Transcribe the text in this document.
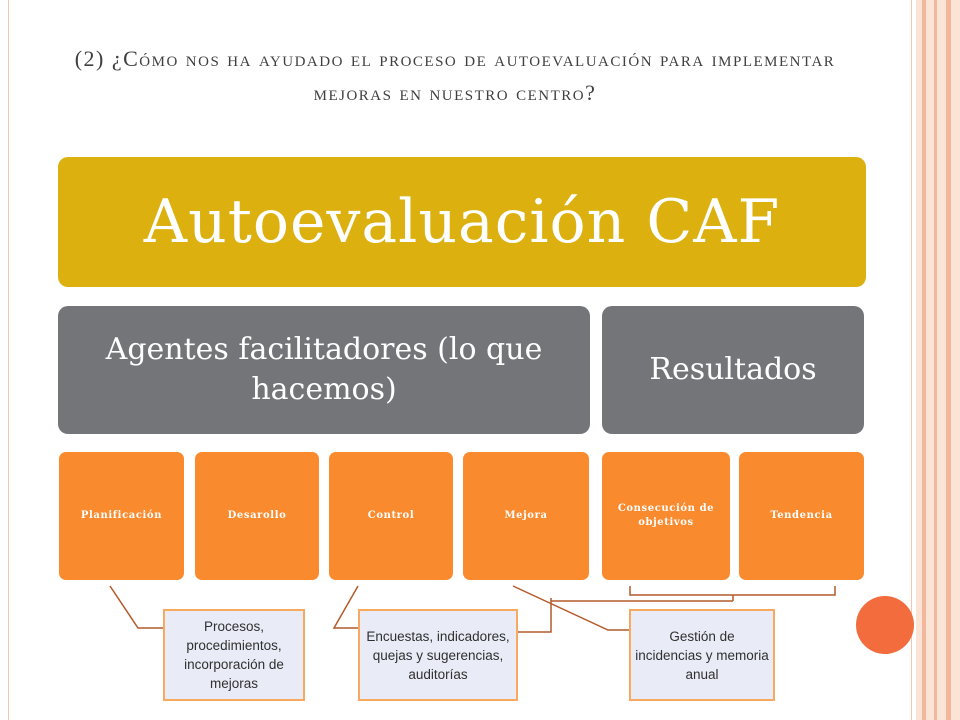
(2) ¿Cómo nos ha ayudado el proceso de autoevaluación para implementar mejoras en nuestro centro?
Autoevaluación CAF
Agentes facilitadores (lo que hacemos)
Resultados
Planificación	Desarollo	Control	Mejora
Consecución de objetivos
Tendencia
Procesos, procedimientos, incorporación de mejoras
Encuestas, indicadores, quejas y sugerencias, auditorías
Gestión de incidencias y memoria anual
